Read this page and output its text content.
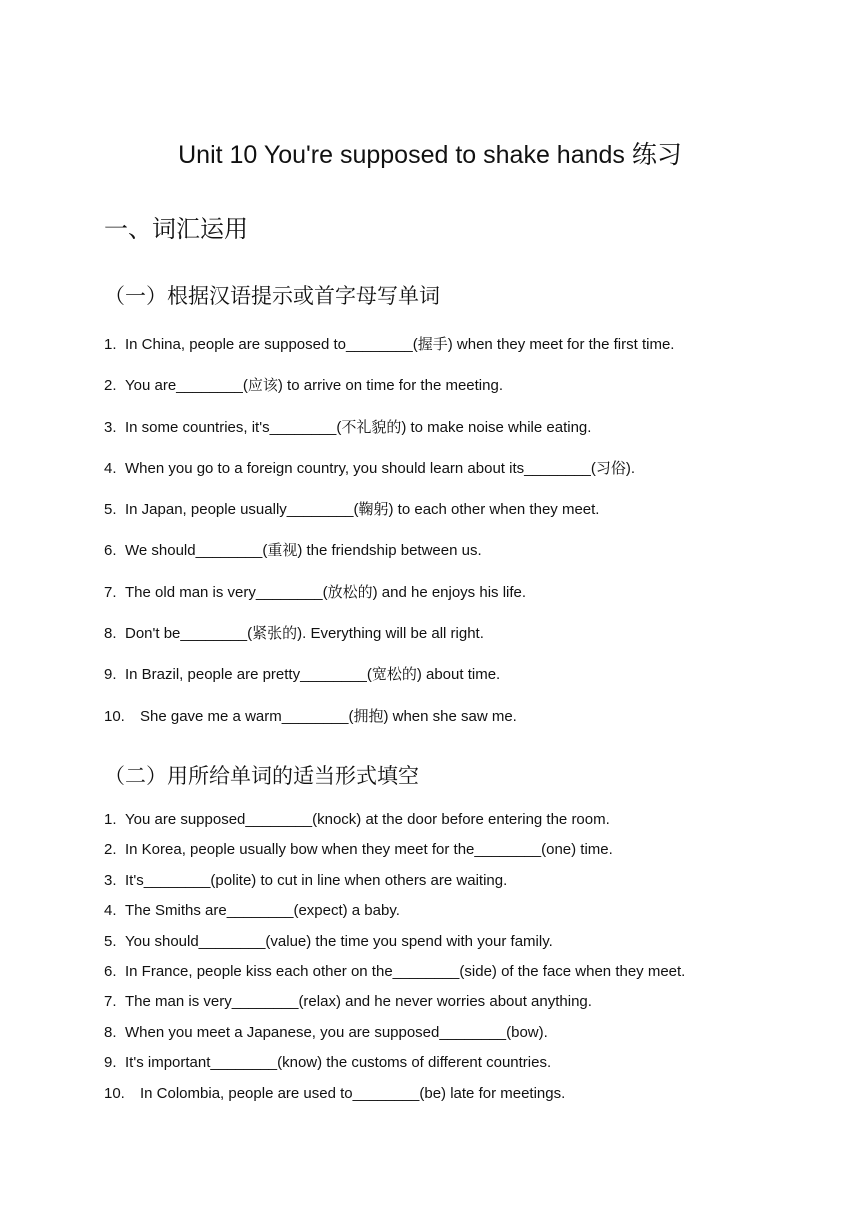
Unit 10 You're supposed to shake hands 练习
一、词汇运用
（一）根据汉语提示或首字母写单词
1. In China, people are supposed to________(握手) when they meet for the first time.
2. You are________(应该) to arrive on time for the meeting.
3. In some countries, it's________(不礼貌的) to make noise while eating.
4. When you go to a foreign country, you should learn about its________(习俗).
5. In Japan, people usually________(鞠躬) to each other when they meet.
6. We should________(重视) the friendship between us.
7. The old man is very________(放松的) and he enjoys his life.
8. Don't be________(紧张的). Everything will be all right.
9. In Brazil, people are pretty________(宽松的) about time.
10. She gave me a warm________(拥抱) when she saw me.
（二）用所给单词的适当形式填空
1. You are supposed________(knock) at the door before entering the room.
2. In Korea, people usually bow when they meet for the________(one) time.
3. It's________(polite) to cut in line when others are waiting.
4. The Smiths are________(expect) a baby.
5. You should________(value) the time you spend with your family.
6. In France, people kiss each other on the________(side) of the face when they meet.
7. The man is very________(relax) and he never worries about anything.
8. When you meet a Japanese, you are supposed________(bow).
9. It's important________(know) the customs of different countries.
10. In Colombia, people are used to________(be) late for meetings.
